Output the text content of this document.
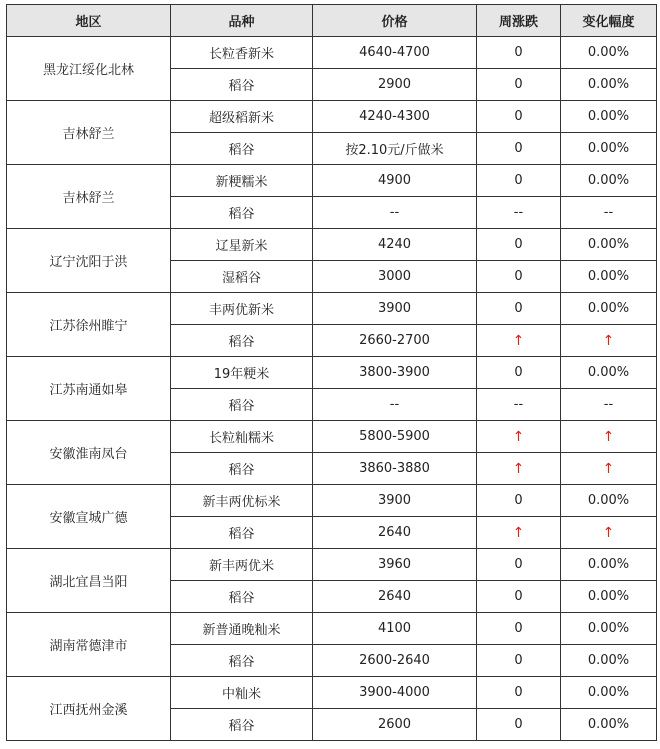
地区	品种	价格	周涨跌	变化幅度
黑龙江绥化北林	长粒香新米	4640-4700	0	0.00%
	稻谷	2900	0	0.00%
吉林舒兰	超级稻新米	4240-4300	0	0.00%
	稻谷	按2.10元/斤做米	0	0.00%
吉林舒兰	新粳糯米	4900	0	0.00%
	稻谷	--	--	--
辽宁沈阳于洪	辽星新米	4240	0	0.00%
	湿稻谷	3000	0	0.00%
江苏徐州睢宁	丰两优新米	3900	0	0.00%
	稻谷	2660-2700	↑	↑
江苏南通如皋	19年粳米	3800-3900	0	0.00%
	稻谷	--	--	--
安徽淮南凤台	长粒籼糯米	5800-5900	↑	↑
	稻谷	3860-3880	↑	↑
安徽宣城广德	新丰两优标米	3900	0	0.00%
	稻谷	2640	↑	↑
湖北宜昌当阳	新丰两优米	3960	0	0.00%
	稻谷	2640	0	0.00%
湖南常德津市	新普通晚籼米	4100	0	0.00%
	稻谷	2600-2640	0	0.00%
江西抚州金溪	中籼米	3900-4000	0	0.00%
	稻谷	2600	0	0.00%
